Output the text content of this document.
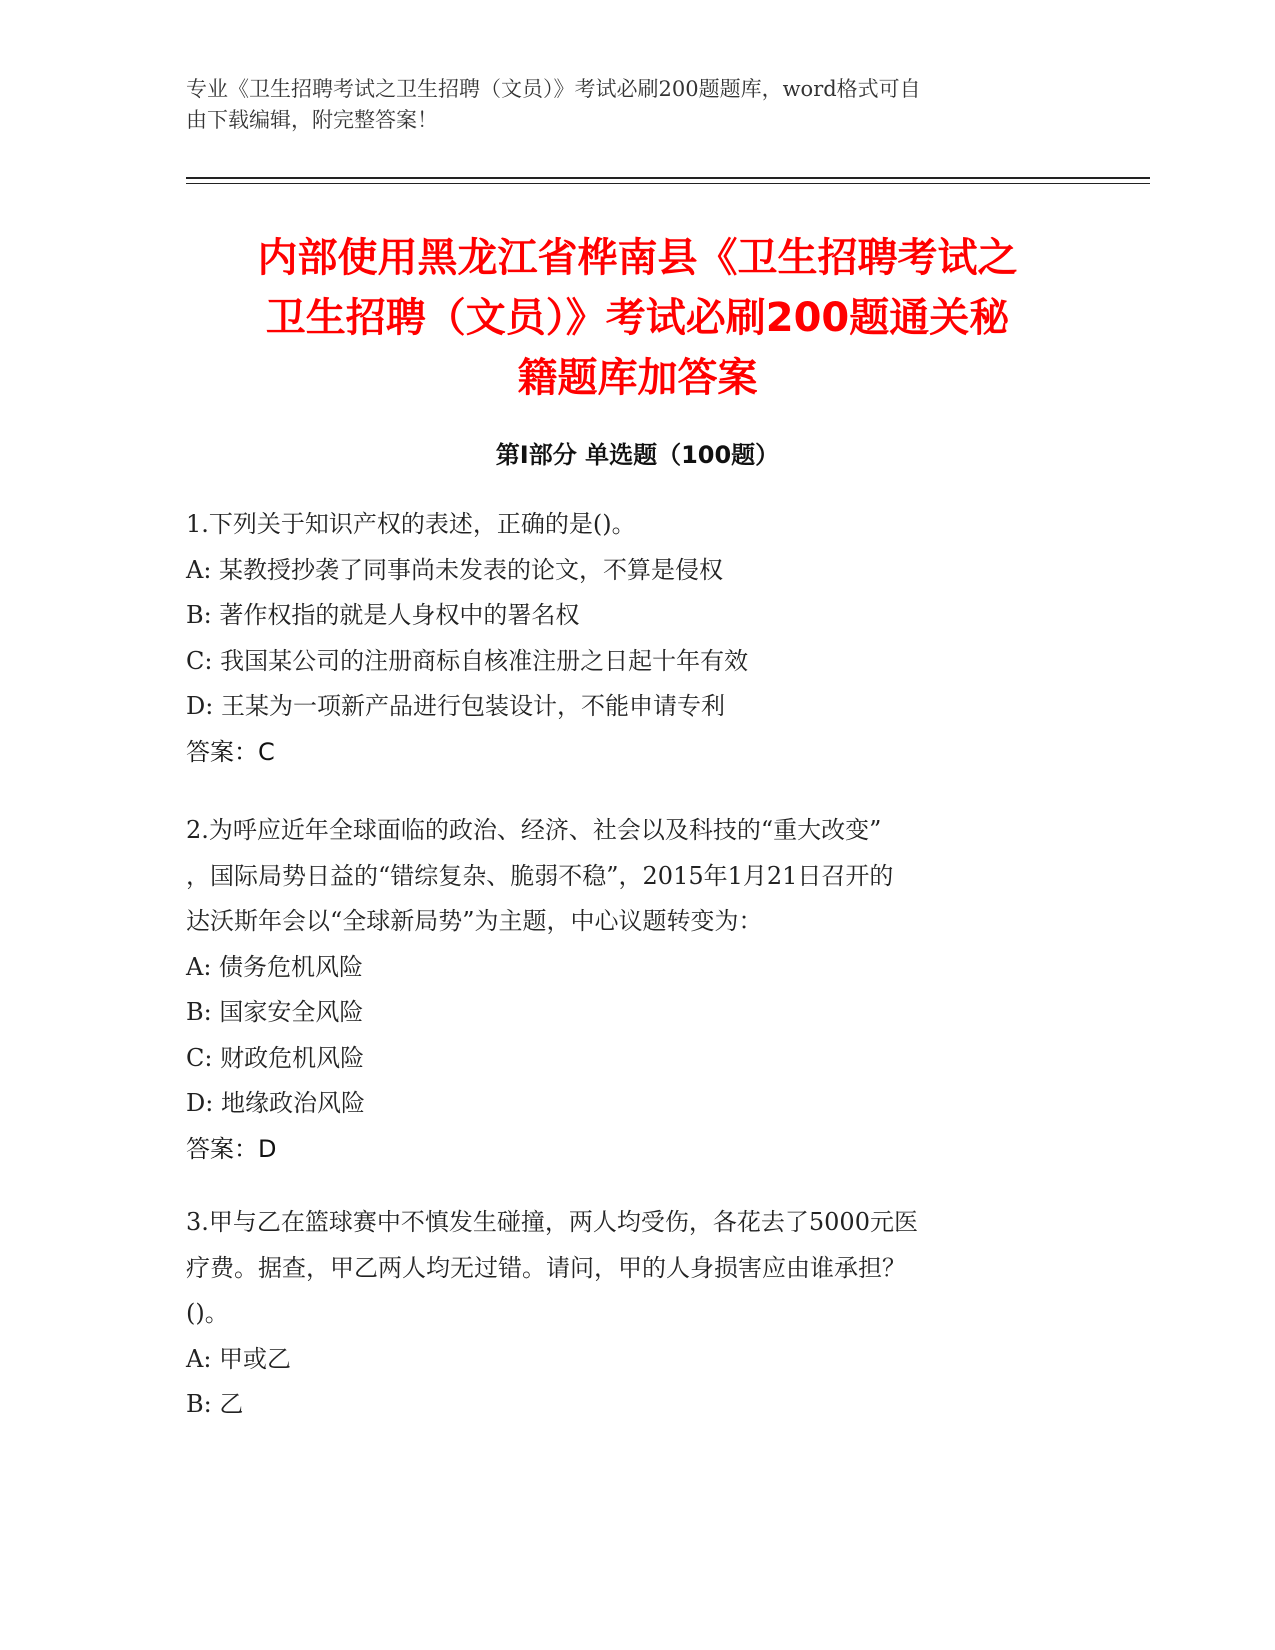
专业《卫生招聘考试之卫生招聘（文员）》考试必刷200题题库，word格式可自
由下载编辑，附完整答案！
内部使用黑龙江省桦南县《卫生招聘考试之
卫生招聘（文员）》考试必刷200题通关秘
籍题库加答案
第I部分 单选题（100题）
1.下列关于知识产权的表述，正确的是()。
A: 某教授抄袭了同事尚未发表的论文，不算是侵权
B: 著作权指的就是人身权中的署名权
C: 我国某公司的注册商标自核准注册之日起十年有效
D: 王某为一项新产品进行包装设计，不能申请专利
答案：C
2.为呼应近年全球面临的政治、经济、社会以及科技的“重大改变”
，国际局势日益的“错综复杂、脆弱不稳”，2015年1月21日召开的
达沃斯年会以“全球新局势”为主题，中心议题转变为：
A: 债务危机风险
B: 国家安全风险
C: 财政危机风险
D: 地缘政治风险
答案：D
3.甲与乙在篮球赛中不慎发生碰撞，两人均受伤，各花去了5000元医
疗费。据查，甲乙两人均无过错。请问，甲的人身损害应由谁承担？
()。
A: 甲或乙
B: 乙
